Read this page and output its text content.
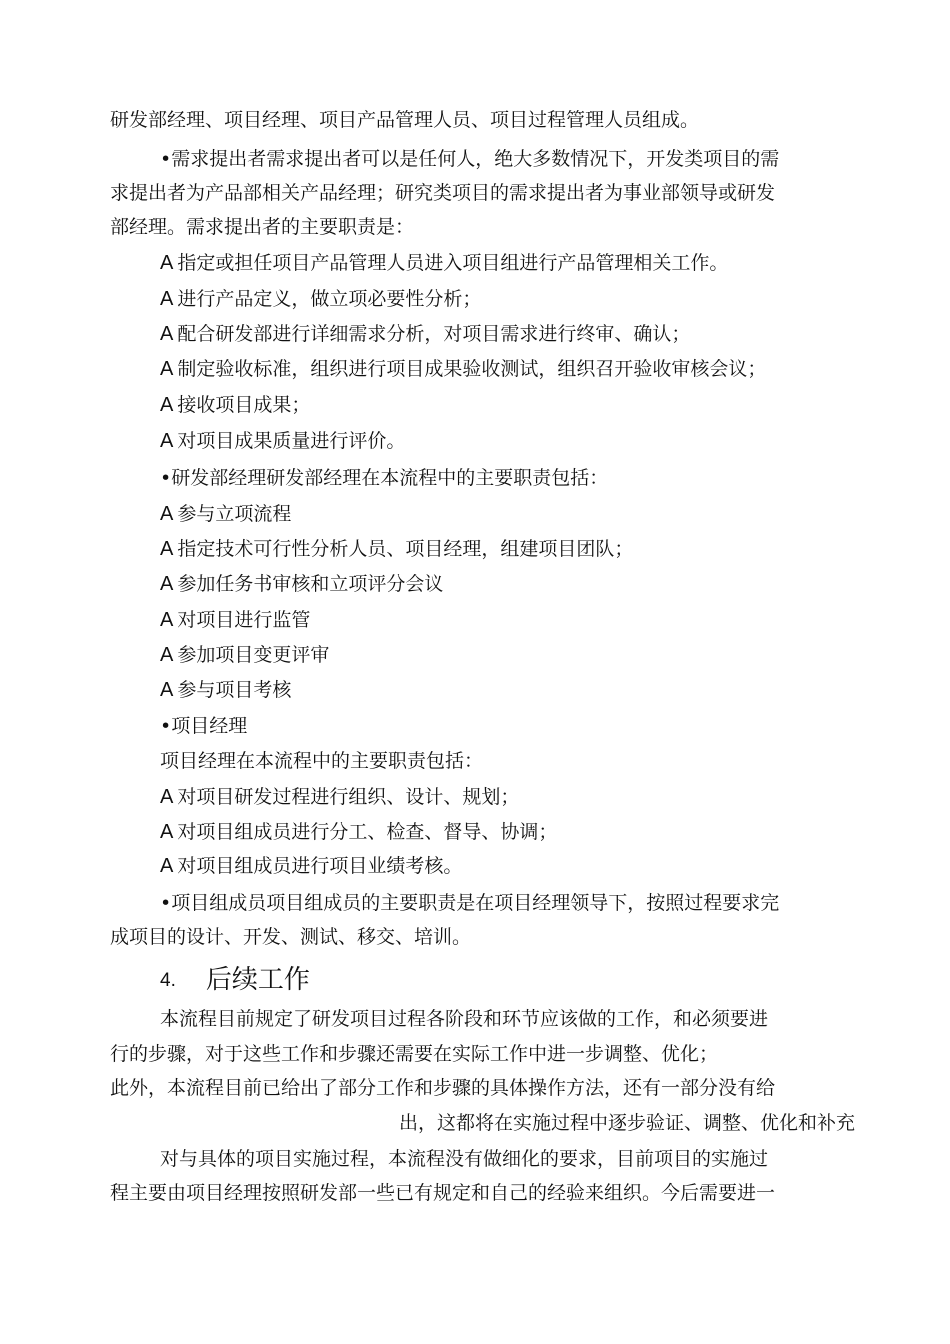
研发部经理、项目经理、项目产品管理人员、项目过程管理人员组成。
•需求提出者需求提出者可以是任何人，绝大多数情况下，开发类项目的需
求提出者为产品部相关产品经理；研究类项目的需求提出者为事业部领导或研发
部经理。需求提出者的主要职责是：
A 指定或担任项目产品管理人员进入项目组进行产品管理相关工作。
A 进行产品定义，做立项必要性分析；
A 配合研发部进行详细需求分析，对项目需求进行终审、确认；
A 制定验收标准，组织进行项目成果验收测试，组织召开验收审核会议；
A 接收项目成果；
A 对项目成果质量进行评价。
•研发部经理研发部经理在本流程中的主要职责包括：
A 参与立项流程
A 指定技术可行性分析人员、项目经理，组建项目团队；
A 参加任务书审核和立项评分会议
A 对项目进行监管
A 参加项目变更评审
A 参与项目考核
•项目经理
项目经理在本流程中的主要职责包括：
A 对项目研发过程进行组织、设计、规划；
A 对项目组成员进行分工、检查、督导、协调；
A 对项目组成员进行项目业绩考核。
•项目组成员项目组成员的主要职责是在项目经理领导下，按照过程要求完
成项目的设计、开发、测试、移交、培训。
4. 后续工作
本流程目前规定了研发项目过程各阶段和环节应该做的工作，和必须要进
行的步骤，对于这些工作和步骤还需要在实际工作中进一步调整、优化；
此外，本流程目前已给出了部分工作和步骤的具体操作方法，还有一部分没有给
出，这都将在实施过程中逐步验证、调整、优化和补充
对与具体的项目实施过程，本流程没有做细化的要求，目前项目的实施过
程主要由项目经理按照研发部一些已有规定和自己的经验来组织。今后需要进一
